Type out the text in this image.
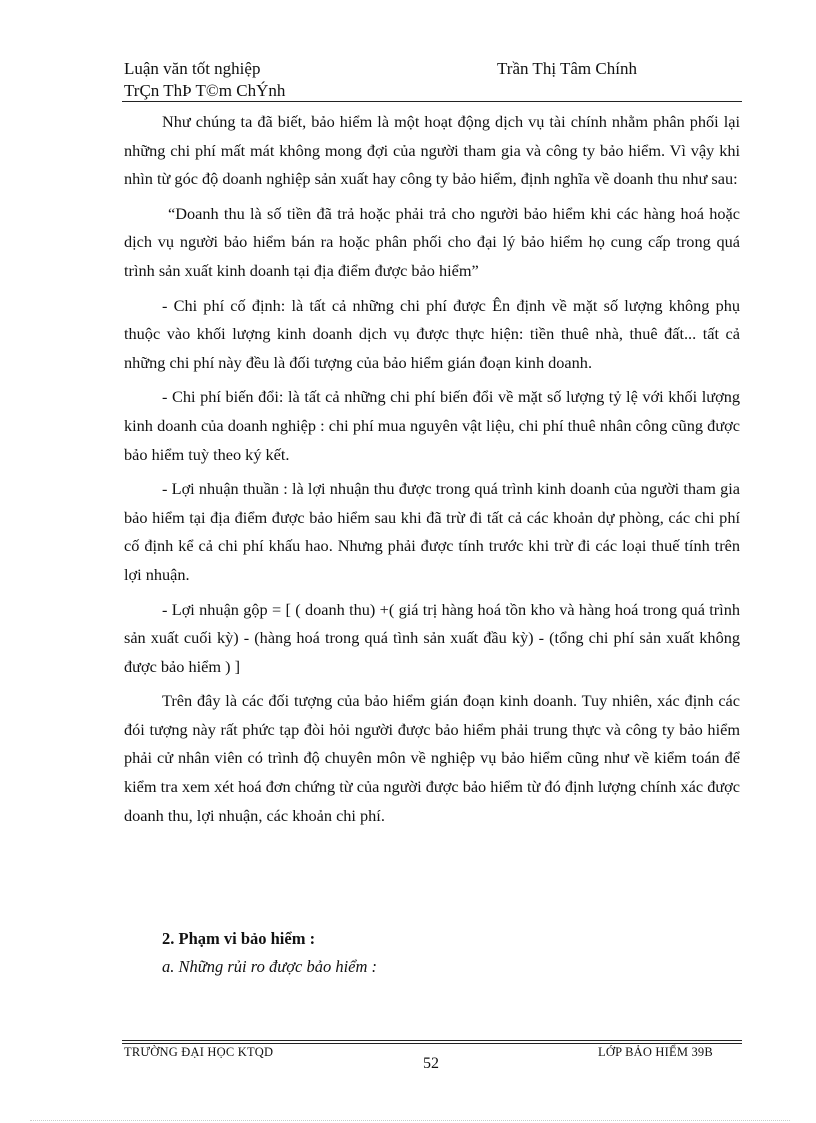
Luận văn tốt nghiệp	Trần Thị Tâm Chính
TrÇn ThÞ T©m ChÝnh

Như chúng ta đã biết, bảo hiểm là một hoạt động dịch vụ tài chính nhằm phân phối lại những chi phí mất mát không mong đợi của người tham gia và công ty bảo hiểm. Vì vậy khi nhìn từ góc độ doanh nghiệp sản xuất hay công ty bảo hiểm, định nghĩa về doanh thu như sau:

“Doanh thu là số tiền đã trả hoặc phải trả cho người bảo hiểm khi các hàng hoá hoặc dịch vụ người bảo hiểm bán ra hoặc phân phối cho đại lý bảo hiểm họ cung cấp trong quá trình sản xuất kinh doanh tại địa điểm được bảo hiểm”

- Chi phí cố định: là tất cả những chi phí được Ên định về mặt số lượng không phụ thuộc vào khối lượng kinh doanh dịch vụ được thực hiện: tiền thuê nhà, thuê đất... tất cả những chi phí này đều là đối tượng của bảo hiểm gián đoạn kinh doanh.

- Chi phí biến đổi: là tất cả những chi phí biến đổi về mặt số lượng tỷ lệ với khối lượng kinh doanh của doanh nghiệp : chi phí mua nguyên vật liệu, chi phí thuê nhân công cũng được bảo hiểm tuỳ theo ký kết.

- Lợi nhuận thuần : là lợi nhuận thu được trong quá trình kinh doanh của người tham gia bảo hiểm tại địa điểm được bảo hiểm sau khi đã trừ đi tất cả các khoản dự phòng, các chi phí cố định kể cả chi phí khấu hao. Nhưng phải được tính trước khi trừ đi các loại thuế tính trên lợi nhuận.

- Lợi nhuận gộp = [ ( doanh thu) +( giá trị hàng hoá tồn kho và hàng hoá trong quá trình sản xuất cuối kỳ) - (hàng hoá trong quá tình sản xuất đầu kỳ) - (tổng chi phí sản xuất không được bảo hiểm ) ]

Trên đây là các đối tượng của bảo hiểm gián đoạn kinh doanh. Tuy nhiên, xác định các đói tượng này rất phức tạp đòi hỏi người được bảo hiểm phải trung thực và công ty bảo hiểm phải cử nhân viên có trình độ chuyên môn về nghiệp vụ bảo hiểm cũng như về kiểm toán để kiểm tra xem xét hoá đơn chứng từ của người được bảo hiểm từ đó định lượng chính xác được doanh thu, lợi nhuận, các khoản chi phí.

2. Phạm vi bảo hiểm :
a. Những rủi ro được bảo hiểm :
TRƯỜNG ĐẠI HỌC KTQD
52
LỚP BẢO HIỂM 39B
